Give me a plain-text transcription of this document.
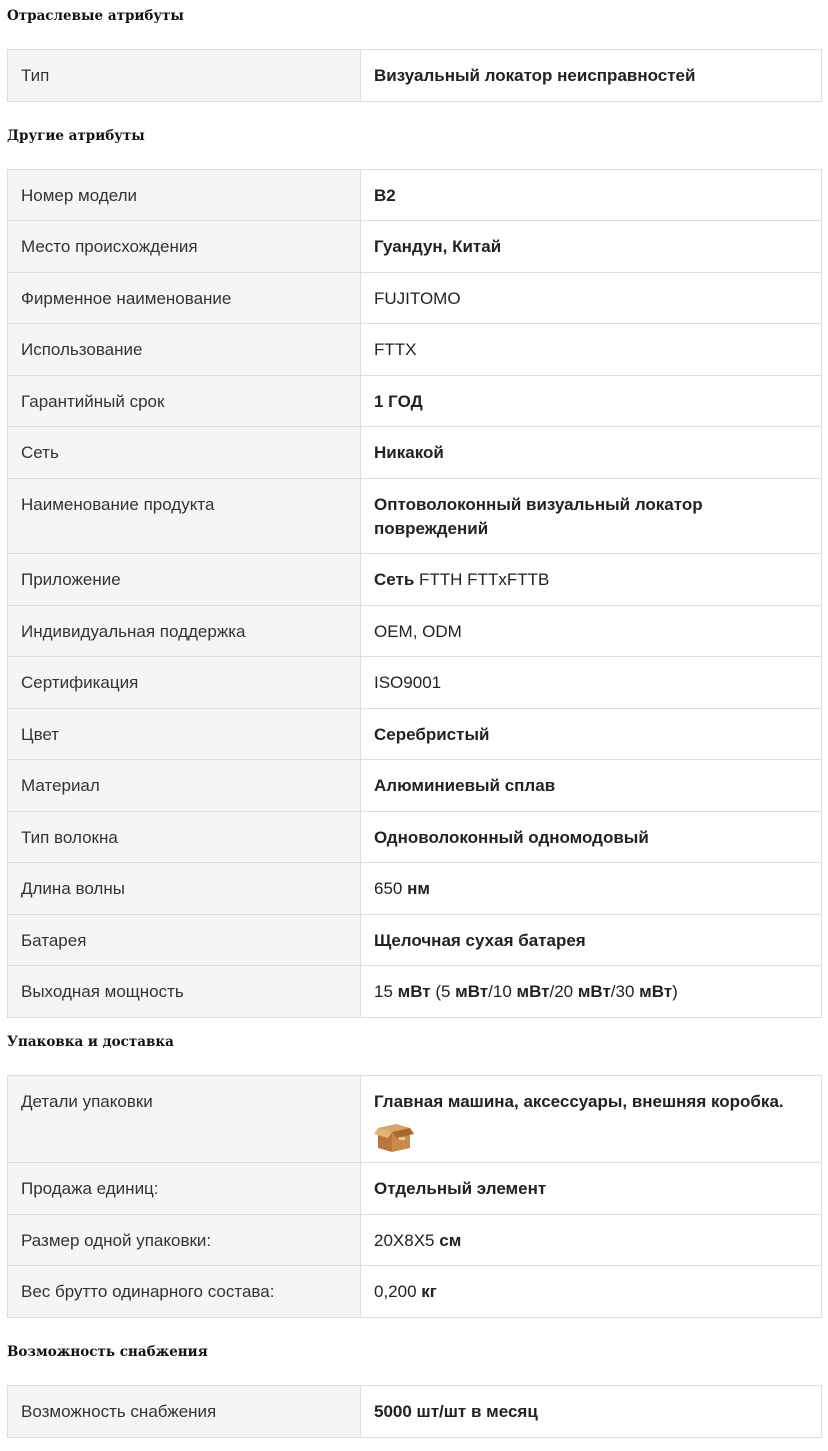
Отраслевые атрибуты
Тип	Визуальный локатор неисправностей
Другие атрибуты
Номер модели	B2
Место происхождения	Гуандун, Китай
Фирменное наименование	FUJITOMO
Использование	FTTX
Гарантийный срок	1 ГОД
Сеть	Никакой
Наименование продукта	Оптоволоконный визуальный локатор повреждений
Приложение	Сеть FTTH FTTxFTTB
Индивидуальная поддержка	OEM, ODM
Сертификация	ISO9001
Цвет	Серебристый
Материал	Алюминиевый сплав
Тип волокна	Одноволоконный одномодовый
Длина волны	650 нм
Батарея	Щелочная сухая батарея
Выходная мощность	15 мВт (5 мВт/10 мВт/20 мВт/30 мВт)
Упаковка и доставка
Детали упаковки	Главная машина, аксессуары, внешняя коробка.

Продажа единиц:	Отдельный элемент
Размер одной упаковки:	20X8X5 см
Вес брутто одинарного состава:	0,200 кг
Возможность снабжения
Возможность снабжения	5000 шт/шт в месяц
